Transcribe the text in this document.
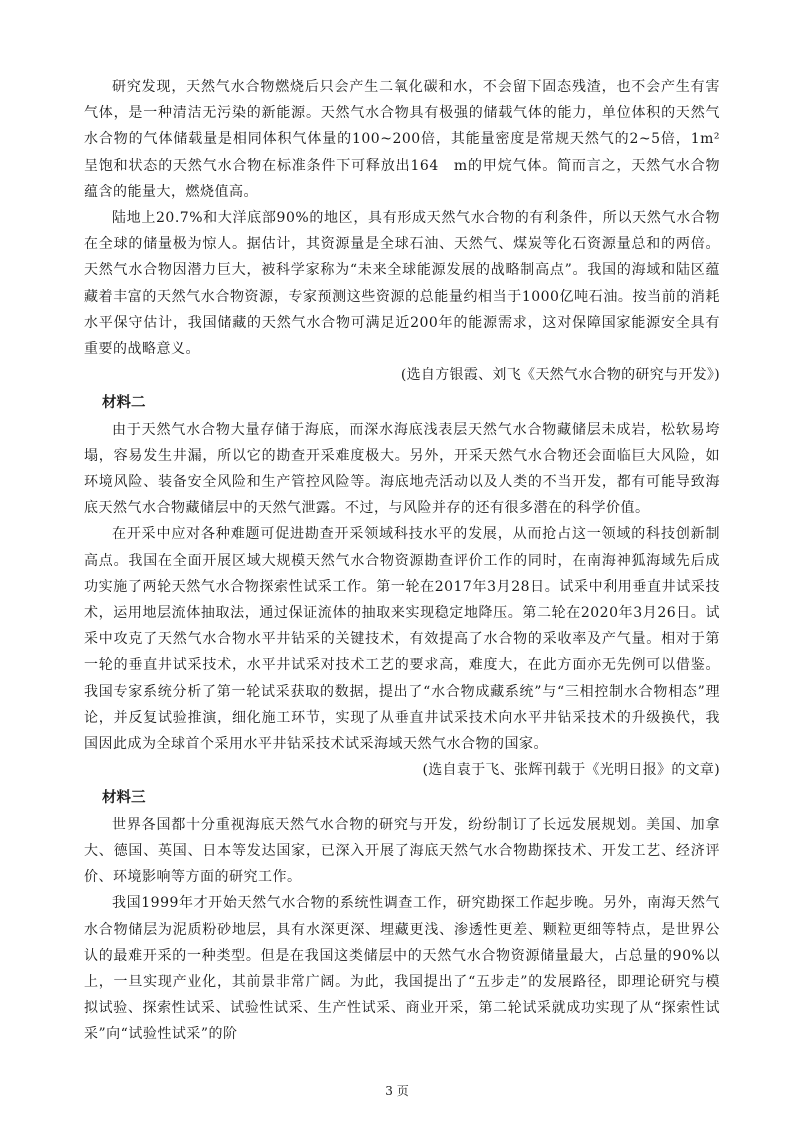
研究发现，天然气水合物燃烧后只会产生二氧化碳和水，不会留下固态残渣，也不会产生有害气体，是一种清洁无污染的新能源。天然气水合物具有极强的储载气体的能力，单位体积的天然气水合物的气体储载量是相同体积气体量的100~200倍，其能量密度是常规天然气的2~5倍，1m² 呈饱和状态的天然气水合物在标准条件下可释放出164　m的甲烷气体。简而言之，天然气水合物蕴含的能量大，燃烧值高。

陆地上20.7%和大洋底部90%的地区，具有形成天然气水合物的有利条件，所以天然气水合物在全球的储量极为惊人。据估计，其资源量是全球石油、天然气、煤炭等化石资源量总和的两倍。天然气水合物因潜力巨大，被科学家称为“未来全球能源发展的战略制高点”。我国的海域和陆区蕴藏着丰富的天然气水合物资源，专家预测这些资源的总能量约相当于1000亿吨石油。按当前的消耗水平保守估计，我国储藏的天然气水合物可满足近200年的能源需求，这对保障国家能源安全具有重要的战略意义。

(选自方银霞、刘飞《天然气水合物的研究与开发》)

材料二

由于天然气水合物大量存储于海底，而深水海底浅表层天然气水合物藏储层未成岩，松软易垮塌，容易发生井漏，所以它的勘查开采难度极大。另外，开采天然气水合物还会面临巨大风险，如环境风险、装备安全风险和生产管控风险等。海底地壳活动以及人类的不当开发，都有可能导致海底天然气水合物藏储层中的天然气泄露。不过，与风险并存的还有很多潜在的科学价值。

在开采中应对各种难题可促进勘查开采领域科技水平的发展，从而抢占这一领域的科技创新制高点。我国在全面开展区域大规模天然气水合物资源勘查评价工作的同时，在南海神狐海域先后成功实施了两轮天然气水合物探索性试采工作。第一轮在2017年3月28日。试采中利用垂直井试采技术，运用地层流体抽取法，通过保证流体的抽取来实现稳定地降压。第二轮在2020年3月26日。试采中攻克了天然气水合物水平井钻采的关键技术，有效提高了水合物的采收率及产气量。相对于第一轮的垂直井试采技术，水平井试采对技术工艺的要求高，难度大，在此方面亦无先例可以借鉴。我国专家系统分析了第一轮试采获取的数据，提出了“水合物成藏系统”与“三相控制水合物相态”理论，并反复试验推演，细化施工环节，实现了从垂直井试采技术向水平井钻采技术的升级换代，我国因此成为全球首个采用水平井钻采技术试采海域天然气水合物的国家。

(选自袁于飞、张辉刊载于《光明日报》的文章)

材料三

世界各国都十分重视海底天然气水合物的研究与开发，纷纷制订了长远发展规划。美国、加拿大、德国、英国、日本等发达国家，已深入开展了海底天然气水合物勘探技术、开发工艺、经济评价、环境影响等方面的研究工作。

我国1999年才开始天然气水合物的系统性调查工作，研究勘探工作起步晚。另外，南海天然气水合物储层为泥质粉砂地层，具有水深更深、埋藏更浅、渗透性更差、颗粒更细等特点，是世界公认的最难开采的一种类型。但是在我国这类储层中的天然气水合物资源储量最大，占总量的90%以上，一旦实现产业化，其前景非常广阔。为此，我国提出了“五步走”的发展路径，即理论研究与模拟试验、探索性试采、试验性试采、生产性试采、商业开采，第二轮试采就成功实现了从“探索性试采”向“试验性试采”的阶

3 页
